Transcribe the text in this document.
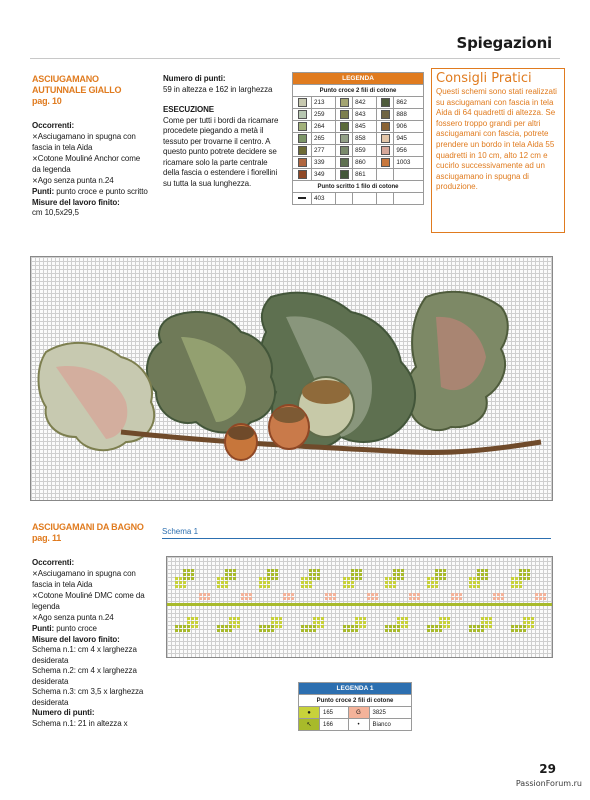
Spiegazioni
ASCIUGAMANO AUTUNNALE GIALLO
pag. 10
Occorrenti:
✕ Asciugamano in spugna con fascia in tela Aida
✕ Cotone Mouliné Anchor come da legenda
✕ Ago senza punta n.24
Punti: punto croce e punto scritto
Misure del lavoro finito:
cm 10,5x29,5
Numero di punti:
59 in altezza e 162 in larghezza
ESECUZIONE
Come per tutti i bordi da ricamare procedete piegando a metà il tessuto per trovarne il centro. A questo punto potrete decidere se ricamare solo la parte centrale della fascia o estendere i fiorellini su tutta la sua lunghezza.
LEGENDA					
Punto croce 2 fili di cotone					
	213		842		862
	259		843		888
	264		845		906
	265		858		945
	277		859		956
	339		860		1003
	349		861		
Punto scritto 1 filo di cotone					
	403				
Consigli Pratici
Questi schemi sono stati realizzati su asciugamani con fascia in tela Aida di 64 quadretti di altezza. Se fossero troppo grandi per altri asciugamani con fascia, potrete prendere un bordo in tela Aida 55 quadretti in 10 cm, alto 12 cm e cucirlo successivamente ad un asciugamano in spugna di produzione.
ASCIUGAMANI DA BAGNO
pag. 11
Occorrenti:
✕ Asciugamano in spugna con fascia in tela Aida
✕ Cotone Mouliné DMC come da legenda
✕ Ago senza punta n.24
Punti: punto croce
Misure del lavoro finito:
Schema n.1: cm 4 x larghezza desiderata
Schema n.2: cm 4 x larghezza desiderata
Schema n.3: cm 3,5 x larghezza desiderata
Numero di punti:
Schema n.1: 21 in altezza x
Schema 1
LEGENDA 1			
Punto croce 2 fili di cotone			
●	165	G	3825
↖	166	•	Bianco
29
PassionForum.ru
